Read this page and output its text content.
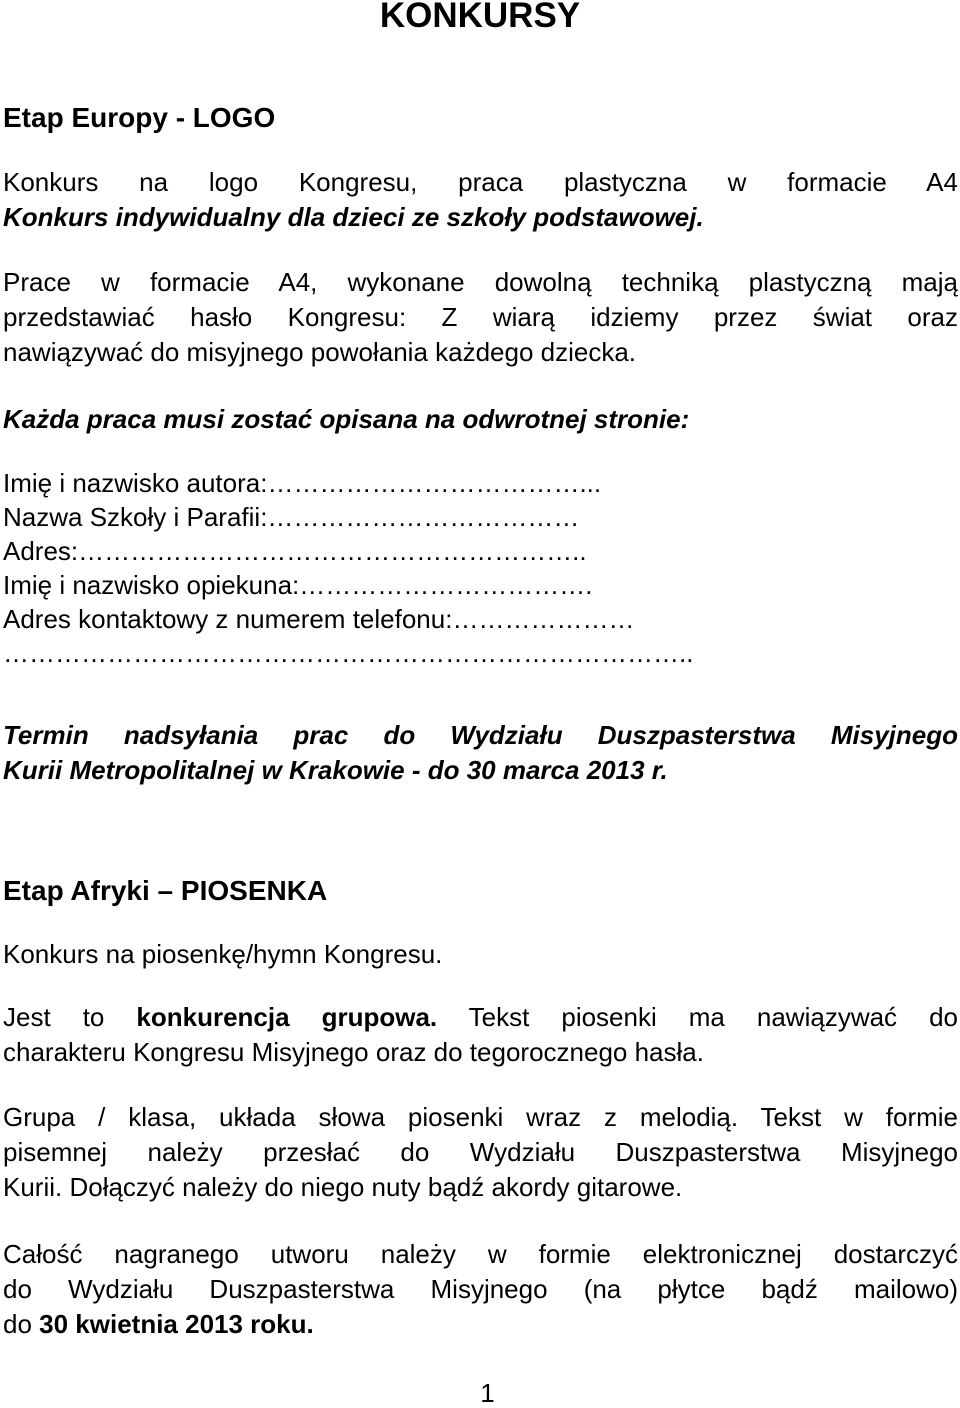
KONKURSY
Etap Europy - LOGO

Konkurs na logo Kongresu, praca plastyczna w formacie A4
Konkurs indywidualny dla dzieci ze szkoły podstawowej.

Prace w formacie A4, wykonane dowolną techniką plastyczną mają
przedstawiać hasło Kongresu: Z wiarą idziemy przez świat oraz
nawiązywać do misyjnego powołania każdego dziecka.

Każda praca musi zostać opisana na odwrotnej stronie:

Imię i nazwisko autora:………………………………...
Nazwa Szkoły i Parafii:………………………………
Adres:…………………………………………………..
Imię i nazwisko opiekuna:…………………………….
Adres kontaktowy z numerem telefonu:…………………
……………………………………………………………………..

Termin nadsyłania prac do Wydziału Duszpasterstwa Misyjnego
Kurii Metropolitalnej w Krakowie - do 30 marca 2013 r.

Etap Afryki – PIOSENKA

Konkurs na piosenkę/hymn Kongresu.

Jest to konkurencja grupowa. Tekst piosenki ma nawiązywać do
charakteru Kongresu Misyjnego oraz do tegorocznego hasła.

Grupa / klasa, układa słowa piosenki wraz z melodią. Tekst w formie
pisemnej należy przesłać do Wydziału Duszpasterstwa Misyjnego
Kurii. Dołączyć należy do niego nuty bądź akordy gitarowe.

Całość nagranego utworu należy w formie elektronicznej dostarczyć
do Wydziału Duszpasterstwa Misyjnego (na płytce bądź mailowo)
do 30 kwietnia 2013 roku.

1
